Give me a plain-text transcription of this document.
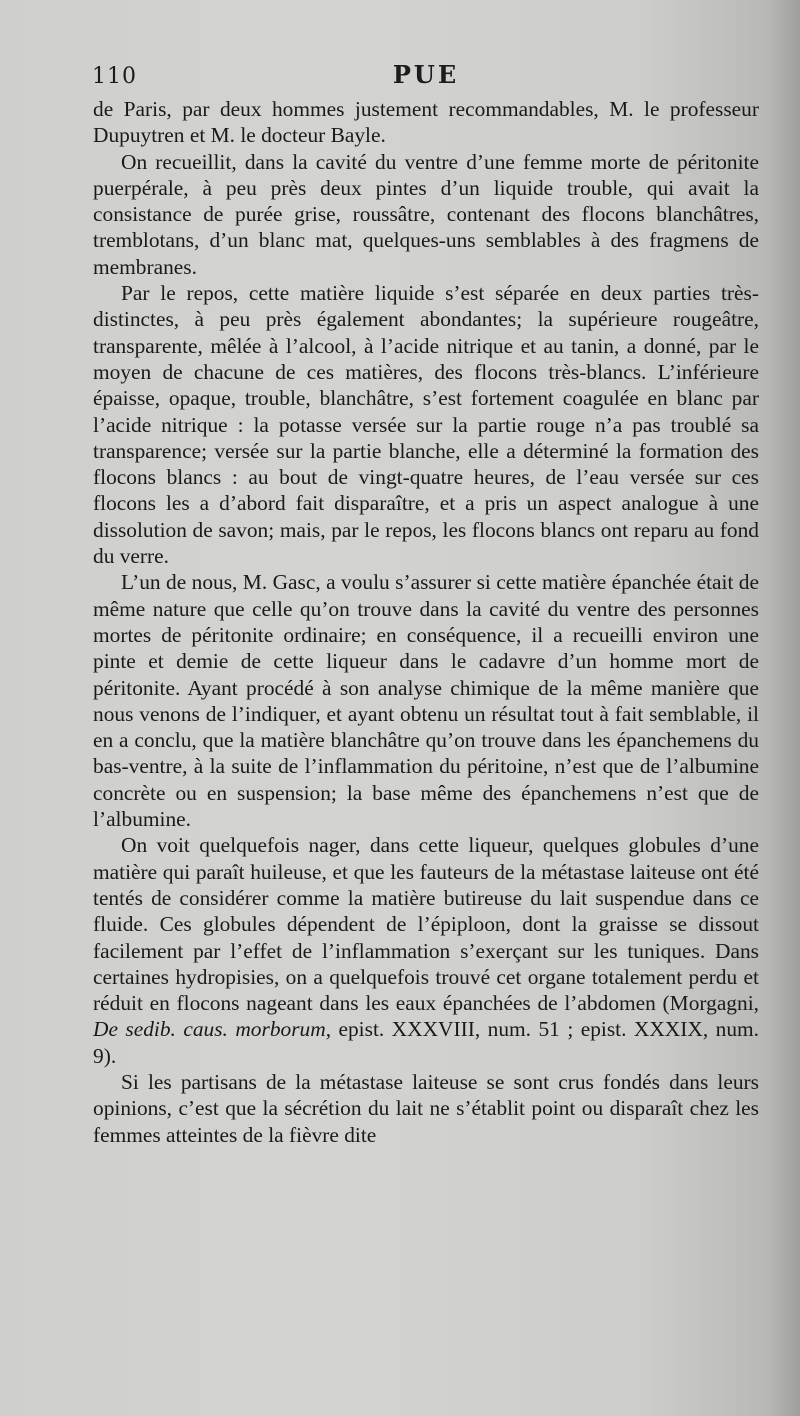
110	PUE

de Paris, par deux hommes justement recommandables, M. le professeur Dupuytren et M. le docteur Bayle.

On recueillit, dans la cavité du ventre d’une femme morte de péritonite puerpérale, à peu près deux pintes d’un liquide trouble, qui avait la consistance de purée grise, roussâtre, contenant des flocons blanchâtres, tremblotans, d’un blanc mat, quelques-uns semblables à des fragmens de membranes.

Par le repos, cette matière liquide s’est séparée en deux parties très-distinctes, à peu près également abondantes; la supérieure rougeâtre, transparente, mêlée à l’alcool, à l’acide nitrique et au tanin, a donné, par le moyen de chacune de ces matières, des flocons très-blancs. L’inférieure épaisse, opaque, trouble, blanchâtre, s’est fortement coagulée en blanc par l’acide nitrique : la potasse versée sur la partie rouge n’a pas troublé sa transparence; versée sur la partie blanche, elle a déterminé la formation des flocons blancs : au bout de vingt-quatre heures, de l’eau versée sur ces flocons les a d’abord fait disparaître, et a pris un aspect analogue à une dissolution de savon; mais, par le repos, les flocons blancs ont reparu au fond du verre.

L’un de nous, M. Gasc, a voulu s’assurer si cette matière épanchée était de même nature que celle qu’on trouve dans la cavité du ventre des personnes mortes de péritonite ordinaire; en conséquence, il a recueilli environ une pinte et demie de cette liqueur dans le cadavre d’un homme mort de péritonite. Ayant procédé à son analyse chimique de la même manière que nous venons de l’indiquer, et ayant obtenu un résultat tout à fait semblable, il en a conclu, que la matière blanchâtre qu’on trouve dans les épanchemens du bas-ventre, à la suite de l’inflammation du péritoine, n’est que de l’albumine concrète ou en suspension; la base même des épanchemens n’est que de l’albumine.

On voit quelquefois nager, dans cette liqueur, quelques globules d’une matière qui paraît huileuse, et que les fauteurs de la métastase laiteuse ont été tentés de considérer comme la matière butireuse du lait suspendue dans ce fluide. Ces globules dépendent de l’épiploon, dont la graisse se dissout facilement par l’effet de l’inflammation s’exerçant sur les tuniques. Dans certaines hydropisies, on a quelquefois trouvé cet organe totalement perdu et réduit en flocons nageant dans les eaux épanchées de l’abdomen (Morgagni, De sedib. caus. morborum, epist. XXXVIII, num. 51 ; epist. XXXIX, num. 9).

Si les partisans de la métastase laiteuse se sont crus fondés dans leurs opinions, c’est que la sécrétion du lait ne s’établit point ou disparaît chez les femmes atteintes de la fièvre dite
